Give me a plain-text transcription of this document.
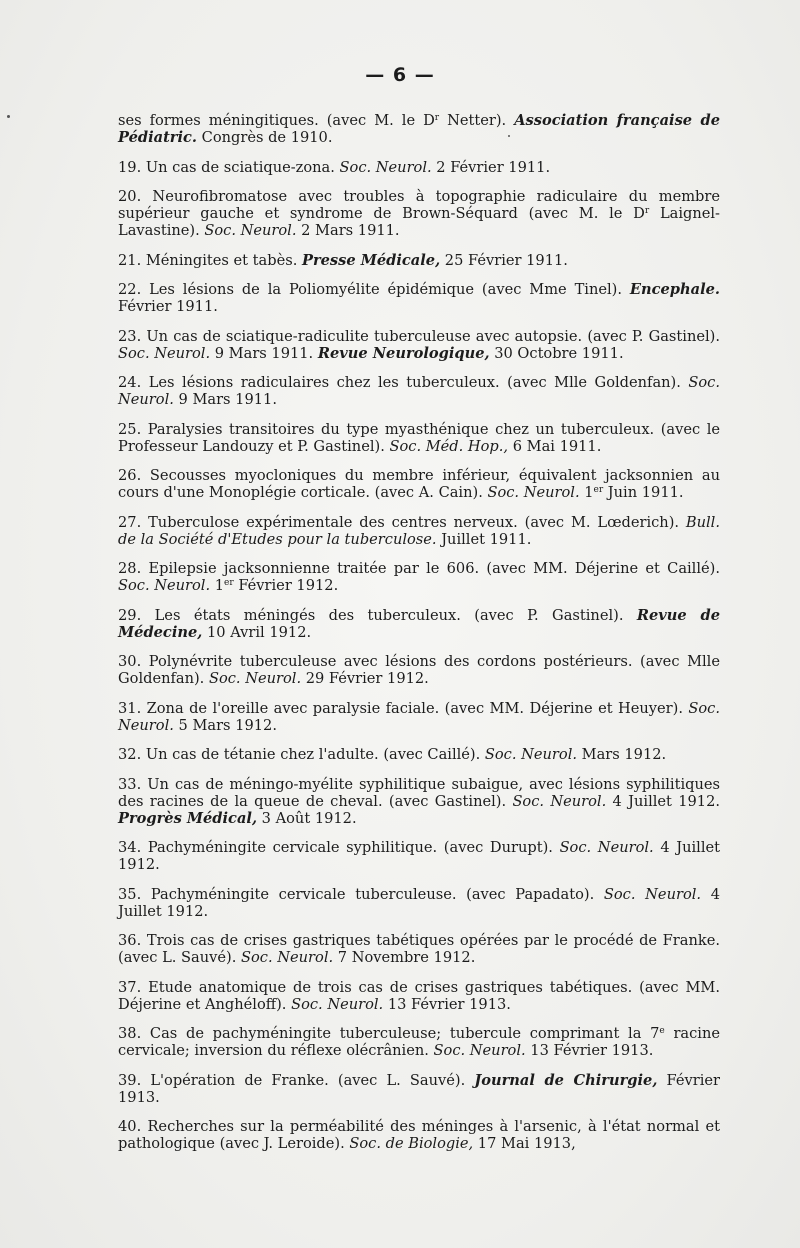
— 6 —

ses formes méningitiques. (avec M. le $D^r$ Netter). Association française de Pédiatric. Congrès de 1910.

19. Un cas de sciatique-zona. Soc. Neurol. 2 Février 1911.

20. Neurofibromatose avec troubles à topographie radiculaire du membre supérieur gauche et syndrome de Brown-Séquard (avec M. le $D^r$ Laignel-Lavastine). Soc. Neurol. 2 Mars 1911.

21. Méningites et tabès. Presse Médicale, 25 Février 1911.

22. Les lésions de la Poliomyélite épidémique (avec Mme Tinel). Encephale. Février 1911.

23. Un cas de sciatique-radiculite tuberculeuse avec autopsie. (avec P. Gastinel). Soc. Neurol. 9 Mars 1911. Revue Neurologique, 30 Octobre 1911.

24. Les lésions radiculaires chez les tuberculeux. (avec Mlle Goldenfan). Soc. Neurol. 9 Mars 1911.

25. Paralysies transitoires du type myasthénique chez un tuberculeux. (avec le Professeur Landouzy et P. Gastinel). Soc. Méd. Hop., 6 Mai 1911.

26. Secousses myocloniques du membre inférieur, équivalent jacksonnien au cours d'une Monoplégie corticale. (avec A. Cain). Soc. Neurol. 1er Juin 1911.

27. Tuberculose expérimentale des centres nerveux. (avec M. Lœderich). Bull. de la Société d'Etudes pour la tuberculose. Juillet 1911.

28. Epilepsie jacksonnienne traitée par le 606. (avec MM. Déjerine et Caillé). Soc. Neurol. 1er Février 1912.

29. Les états méningés des tuberculeux. (avec P. Gastinel). Revue de Médecine, 10 Avril 1912.

30. Polynévrite tuberculeuse avec lésions des cordons postérieurs. (avec Mlle Goldenfan). Soc. Neurol. 29 Février 1912.

31. Zona de l'oreille avec paralysie faciale. (avec MM. Déjerine et Heuyer). Soc. Neurol. 5 Mars 1912.

32. Un cas de tétanie chez l'adulte. (avec Caillé). Soc. Neurol. Mars 1912.

33. Un cas de méningo-myélite syphilitique subaigue, avec lésions syphilitiques des racines de la queue de cheval. (avec Gastinel). Soc. Neurol. 4 Juillet 1912. Progrès Médical, 3 Août 1912.

34. Pachyméningite cervicale syphilitique. (avec Durupt). Soc. Neurol. 4 Juillet 1912.

35. Pachyméningite cervicale tuberculeuse. (avec Papadato). Soc. Neurol. 4 Juillet 1912.

36. Trois cas de crises gastriques tabétiques opérées par le procédé de Franke. (avec L. Sauvé). Soc. Neurol. 7 Novembre 1912.

37. Etude anatomique de trois cas de crises gastriques tabétiques. (avec MM. Déjerine et Anghéloff). Soc. Neurol. 13 Février 1913.

38. Cas de pachyméningite tuberculeuse; tubercule comprimant la 7e racine cervicale; inversion du réflexe olécrânien. Soc. Neurol. 13 Février 1913.

39. L'opération de Franke. (avec L. Sauvé). Journal de Chirurgie, Février 1913.

40. Recherches sur la perméabilité des méninges à l'arsenic, à l'état normal et pathologique (avec J. Leroide). Soc. de Biologie, 17 Mai 1913,
